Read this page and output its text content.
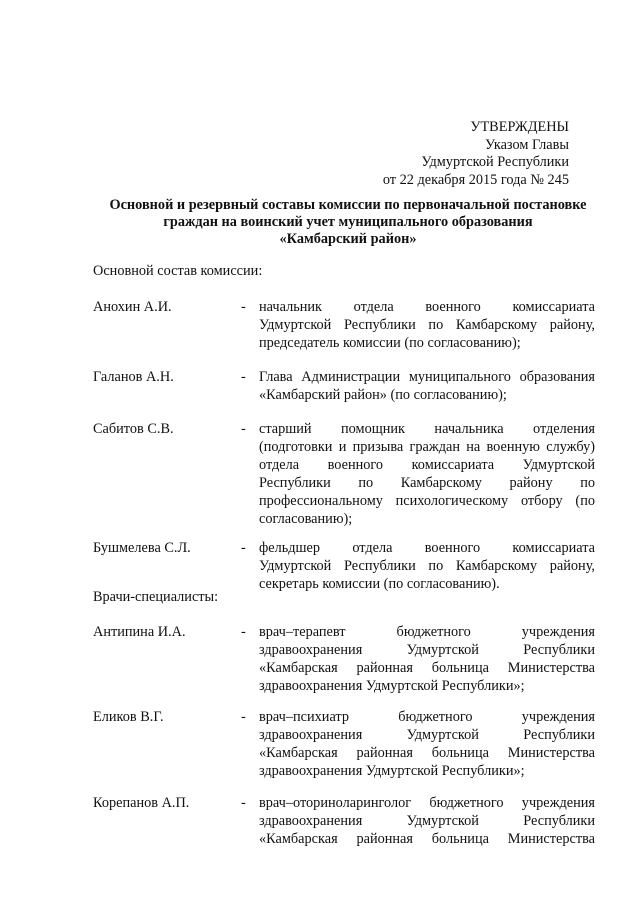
УТВЕРЖДЕНЫ
Указом Главы
Удмуртской Республики
от 22 декабря 2015 года № 245
Основной и резервный составы комиссии по первоначальной постановке
граждан на воинский учет муниципального образования
«Камбарский район»
Основной состав комиссии:
Анохин А.И.	- начальник отдела военного комиссариата
Удмуртской Республики по Камбарскому району,
председатель комиссии (по согласованию);
Галанов А.Н.	- Глава Администрации муниципального образования
«Камбарский район» (по согласованию);
Сабитов С.В.	- старший помощник начальника отделения
(подготовки и призыва граждан на военную службу)
отдела военного комиссариата Удмуртской
Республики по Камбарскому району по
профессиональному психологическому отбору (по
согласованию);
Бушмелева С.Л.	- фельдшер отдела военного комиссариата
Удмуртской Республики по Камбарскому району,
секретарь комиссии (по согласованию).
Врачи-специалисты:
Антипина И.А.	- врач–терапевт бюджетного учреждения
здравоохранения Удмуртской Республики
«Камбарская районная больница Министерства
здравоохранения Удмуртской Республики»;
Еликов В.Г.	- врач–психиатр бюджетного учреждения
здравоохранения Удмуртской Республики
«Камбарская районная больница Министерства
здравоохранения Удмуртской Республики»;
Корепанов А.П.	- врач–оториноларинголог бюджетного учреждения
здравоохранения Удмуртской Республики
«Камбарская районная больница Министерства
